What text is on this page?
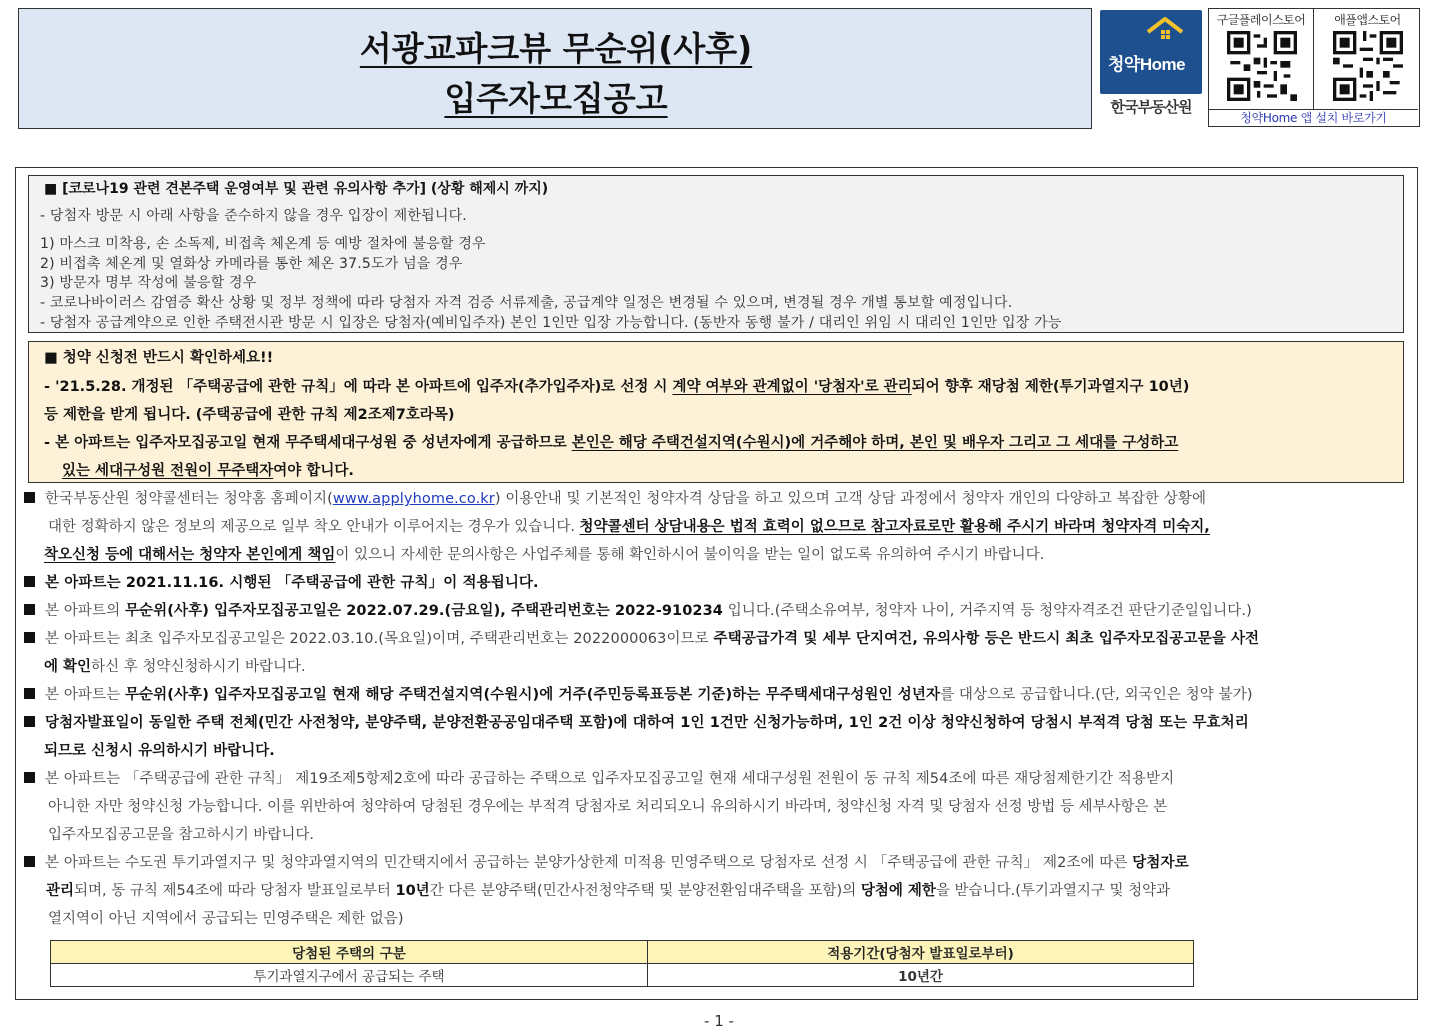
서광교파크뷰 무순위(사후)
입주자모집공고
청약Home
한국부동산원
구글플레이스토어	애플앱스토어
청약Home 앱 설치 바로가기
■ [코로나19 관련 견본주택 운영여부 및 관련 유의사항 추가] (상황 해제시 까지)
- 당첨자 방문 시 아래 사항을 준수하지 않을 경우 입장이 제한됩니다.
1) 마스크 미착용, 손 소독제, 비접촉 체온계 등 예방 절차에 불응할 경우
2) 비접촉 체온계 및 열화상 카메라를 통한 체온 37.5도가 넘을 경우
3) 방문자 명부 작성에 불응할 경우
- 코로나바이러스 감염증 확산 상황 및 정부 정책에 따라 당첨자 자격 검증 서류제출, 공급계약 일정은 변경될 수 있으며, 변경될 경우 개별 통보할 예정입니다.
- 당첨자 공급계약으로 인한 주택전시관 방문 시 입장은 당첨자(예비입주자) 본인 1인만 입장 가능합니다. (동반자 동행 불가 / 대리인 위임 시 대리인 1인만 입장 가능
■ 청약 신청전 반드시 확인하세요!!
- '21.5.28. 개정된 「주택공급에 관한 규칙」에 따라 본 아파트에 입주자(추가입주자)로 선정 시 계약 여부와 관계없이 '당첨자'로 관리되어 향후 재당첨 제한(투기과열지구 10년)
등 제한을 받게 됩니다. (주택공급에 관한 규칙 제2조제7호라목)
- 본 아파트는 입주자모집공고일 현재 무주택세대구성원 중 성년자에게 공급하므로 본인은 해당 주택건설지역(수원시)에 거주해야 하며, 본인 및 배우자 그리고 그 세대를 구성하고
있는 세대구성원 전원이 무주택자여야 합니다.
한국부동산원 청약콜센터는 청약홈 홈페이지(www.applyhome.co.kr) 이용안내 및 기본적인 청약자격 상담을 하고 있으며 고객 상담 과정에서 청약자 개인의 다양하고 복잡한 상황에
대한 정확하지 않은 정보의 제공으로 일부 착오 안내가 이루어지는 경우가 있습니다. 청약콜센터 상담내용은 법적 효력이 없으므로 참고자료로만 활용해 주시기 바라며 청약자격 미숙지,
착오신청 등에 대해서는 청약자 본인에게 책임이 있으니 자세한 문의사항은 사업주체를 통해 확인하시어 불이익을 받는 일이 없도록 유의하여 주시기 바랍니다.
본 아파트는 2021.11.16. 시행된 「주택공급에 관한 규칙」이 적용됩니다.
본 아파트의 무순위(사후) 입주자모집공고일은 2022.07.29.(금요일), 주택관리번호는 2022-910234 입니다.(주택소유여부, 청약자 나이, 거주지역 등 청약자격조건 판단기준일입니다.)
본 아파트는 최초 입주자모집공고일은 2022.03.10.(목요일)이며, 주택관리번호는 2022000063이므로 주택공급가격 및 세부 단지여건, 유의사항 등은 반드시 최초 입주자모집공고문을 사전
에 확인하신 후 청약신청하시기 바랍니다.
본 아파트는 무순위(사후) 입주자모집공고일 현재 해당 주택건설지역(수원시)에 거주(주민등록표등본 기준)하는 무주택세대구성원인 성년자를 대상으로 공급합니다.(단, 외국인은 청약 불가)
당첨자발표일이 동일한 주택 전체(민간 사전청약, 분양주택, 분양전환공공임대주택 포함)에 대하여 1인 1건만 신청가능하며, 1인 2건 이상 청약신청하여 당첨시 부적격 당첨 또는 무효처리
되므로 신청시 유의하시기 바랍니다.
본 아파트는 「주택공급에 관한 규칙」 제19조제5항제2호에 따라 공급하는 주택으로 입주자모집공고일 현재 세대구성원 전원이 동 규칙 제54조에 따른 재당첨제한기간 적용받지
아니한 자만 청약신청 가능합니다. 이를 위반하여 청약하여 당첨된 경우에는 부적격 당첨자로 처리되오니 유의하시기 바라며, 청약신청 자격 및 당첨자 선정 방법 등 세부사항은 본
입주자모집공고문을 참고하시기 바랍니다.
본 아파트는 수도권 투기과열지구 및 청약과열지역의 민간택지에서 공급하는 분양가상한제 미적용 민영주택으로 당첨자로 선정 시 「주택공급에 관한 규칙」 제2조에 따른 당첨자로
관리되며, 동 규칙 제54조에 따라 당첨자 발표일로부터 10년간 다른 분양주택(민간사전청약주택 및 분양전환임대주택을 포함)의 당첨에 제한을 받습니다.(투기과열지구 및 청약과
열지역이 아닌 지역에서 공급되는 민영주택은 제한 없음)
당첨된 주택의 구분	적용기간(당첨자 발표일로부터)
투기과열지구에서 공급되는 주택	10년간
- 1 -
